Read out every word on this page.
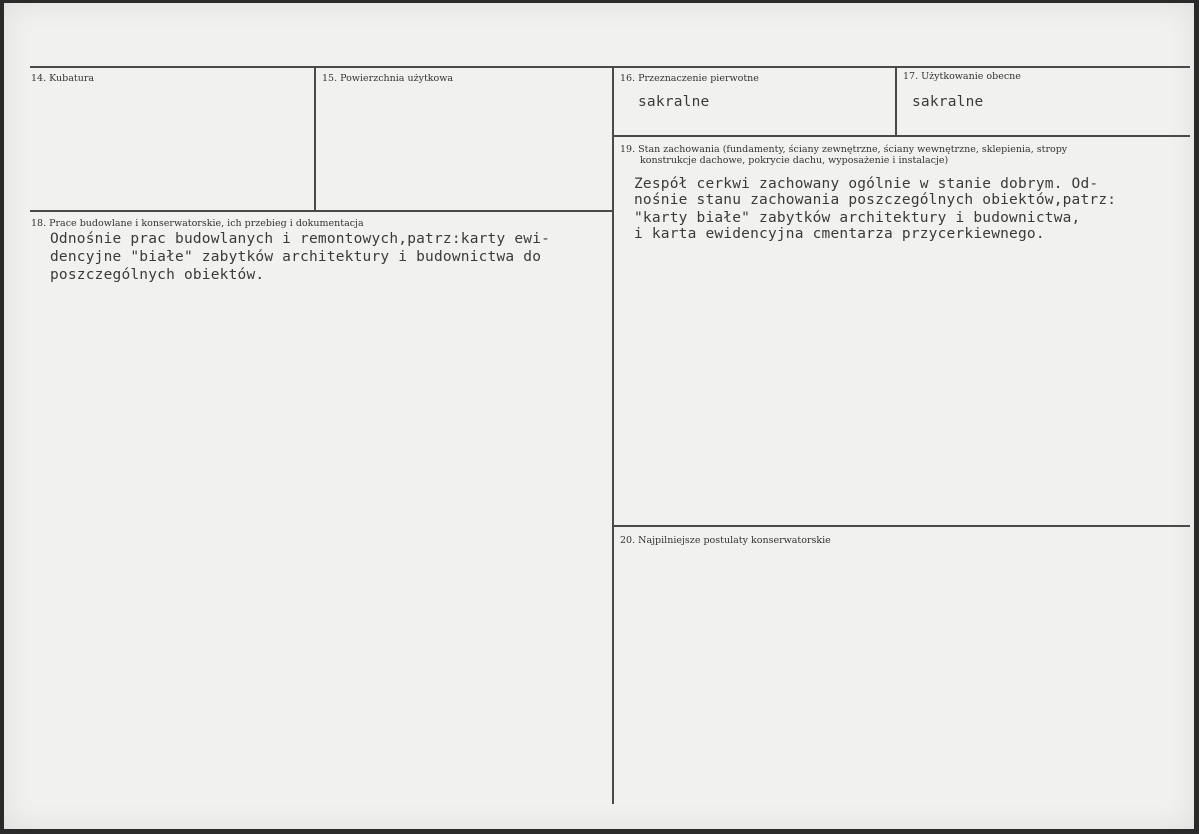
14. Kubatura	15. Powierzchnia użytkowa	16. Przeznaczenie pierwotne
sakralne
17. Użytkowanie obecne
sakralne
18. Prace budowlane i konserwatorskie, ich przebieg i dokumentacja
Odnośnie prac budowlanych i remontowych,patrz:karty ewi-
dencyjne "białe" zabytków architektury i budownictwa do
poszczególnych obiektów.
19. Stan zachowania (fundamenty, ściany zewnętrzne, ściany wewnętrzne, sklepienia, stropy
konstrukcje dachowe, pokrycie dachu, wyposażenie i instalacje)
Zespół cerkwi zachowany ogólnie w stanie dobrym. Od-
nośnie stanu zachowania poszczególnych obiektów,patrz:
"karty białe" zabytków architektury i budownictwa,
i karta ewidencyjna cmentarza przycerkiewnego.
20. Najpilniejsze postulaty konserwatorskie
